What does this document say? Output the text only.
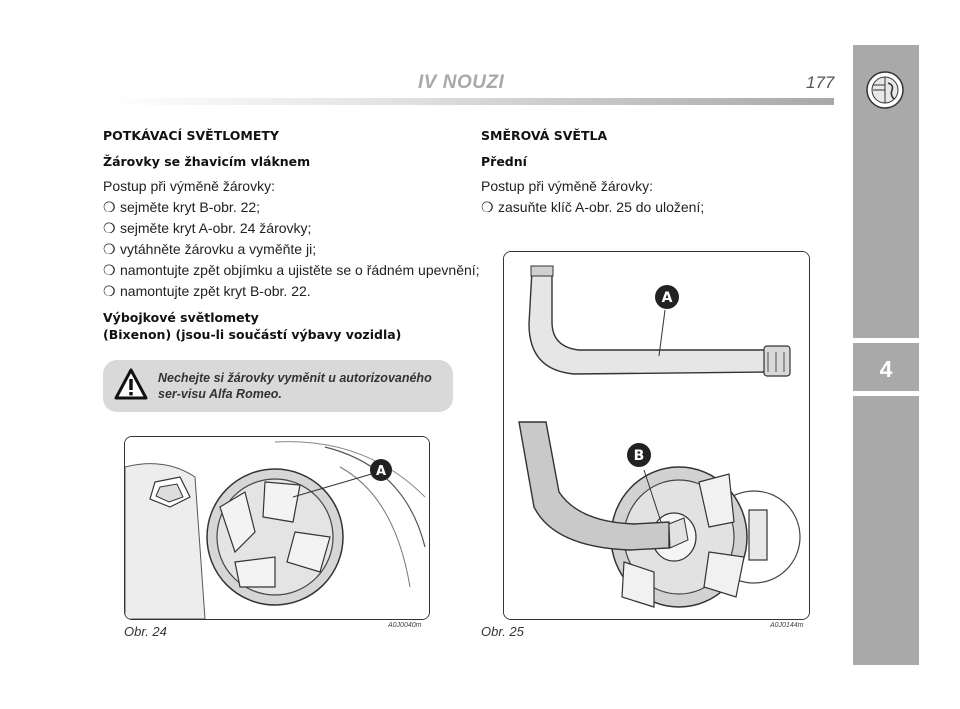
IV NOUZI	177
4
POTKÁVACÍ SVĚTLOMETY
Žárovky se žhavicím vláknem
Postup při výměně žárovky:
❍ sejměte kryt B-obr. 22;
❍ sejměte kryt A-obr. 24 žárovky;
❍ vytáhněte žárovku a vyměňte ji;
❍ namontujte zpět objímku a ujistěte se o řádném upevnění;
❍ namontujte zpět kryt B-obr. 22.
Výbojkové světlomety
(Bixenon) (jsou-li součástí výbavy vozidla)
Nechejte si žárovky vyměnit u autorizovaného ser-visu Alfa Romeo.
A
Obr. 24	A0J0040m
SMĚROVÁ SVĚTLA
Přední
Postup při výměně žárovky:
❍ zasuňte klíč A-obr. 25 do uložení;
A
B
Obr. 25	A0J0144m
